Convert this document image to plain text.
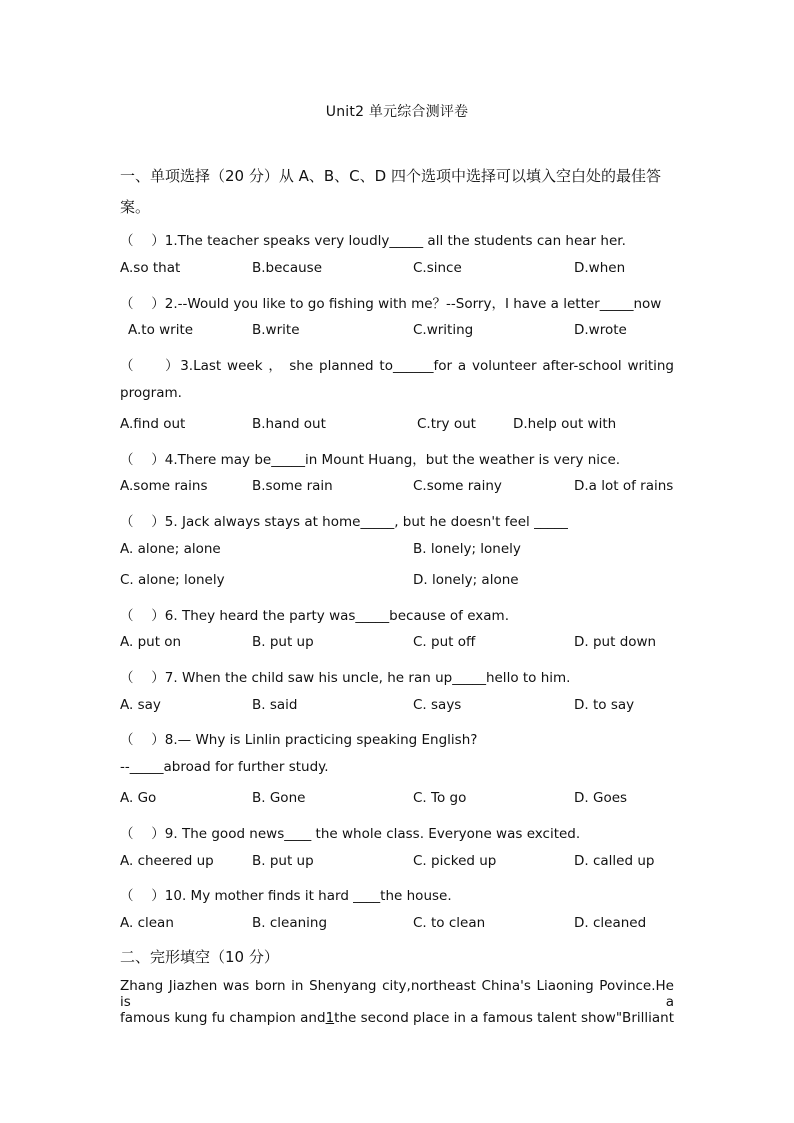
Unit2 单元综合测评卷
一、单项选择（20 分）从 A、B、C、D 四个选项中选择可以填入空白处的最佳答
案。
（　 ）1.The teacher speaks very loudly_____ all the students can hear her.
A.so that	B.because	C.since	D.when
（　 ）2.--Would you like to go fishing with me？--Sorry，I have a letter_____now
A.to write	B.write	C.writing	D.wrote
（　　）3.Last week ， she planned to______for a volunteer after-school writing
program.
A.find out	B.hand out	C.try out	D.help out with
（　 ）4.There may be_____in Mount Huang，but the weather is very nice.
A.some rains	B.some rain	C.some rainy	D.a lot of rains
（　 ）5. Jack always stays at home_____, but he doesn't feel _____
A. alone; alone	B. lonely; lonely
C. alone; lonely	D. lonely; alone
（　 ）6. They heard the party was_____because of exam.
A. put on	B. put up	C. put off	D. put down
（　 ）7. When the child saw his uncle, he ran up_____hello to him.
A. say	B. said	C. says	D. to say
（　 ）8.— Why is Linlin practicing speaking English?
--_____abroad for further study.
A. Go	B. Gone	C. To go	D. Goes
（　 ）9. The good news____ the whole class. Everyone was excited.
A. cheered up	B. put up	C. picked up	D. called up
（　 ）10. My mother finds it hard ____the house.
A. clean	B. cleaning	C. to clean	D. cleaned
二、完形填空（10 分）
Zhang Jiazhen was born in Shenyang city,northeast China's Liaoning Povince.He is a
famous kung fu champion and1the second place in a famous talent show"Brilliant
